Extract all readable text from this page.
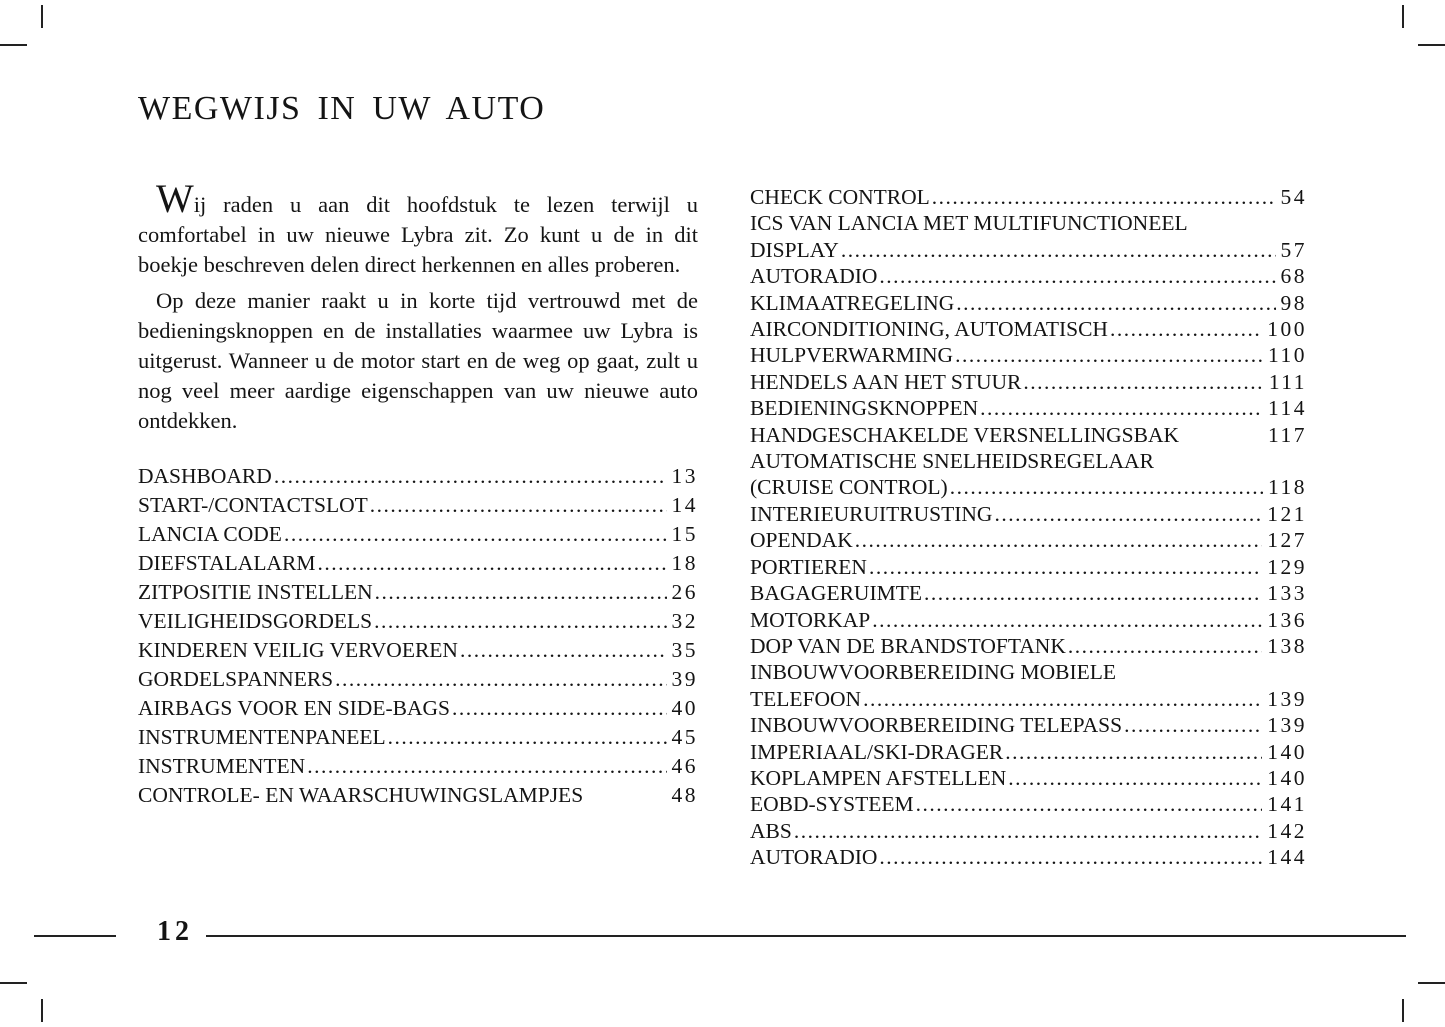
WEGWIJS IN UW AUTO

Wij raden u aan dit hoofdstuk te lezen terwijl u comfortabel in uw nieuwe Lybra zit. Zo kunt u de in dit boekje beschreven delen direct herkennen en alles proberen.

Op deze manier raakt u in korte tijd vertrouwd met de bedieningsknoppen en de installaties waarmee uw Lybra is uitgerust. Wanneer u de motor start en de weg op gaat, zult u nog veel meer aardige eigenschappen van uw nieuwe auto ontdekken.

DASHBOARD .....	13
START-/CONTACTSLOT .....	14
LANCIA CODE .....	15
DIEFSTALALARM .....	18
ZITPOSITIE INSTELLEN .....	26
VEILIGHEIDSGORDELS .....	32
KINDEREN VEILIG VERVOEREN .....	35
GORDELSPANNERS .....	39
AIRBAGS VOOR EN SIDE-BAGS .....	40
INSTRUMENTENPANEEL .....	45
INSTRUMENTEN .....	46
CONTROLE- EN WAARSCHUWINGSLAMPJES	48
CHECK CONTROL .....	54
ICS VAN LANCIA MET MULTIFUNCTIONEEL
DISPLAY .....	57
AUTORADIO .....	68
KLIMAATREGELING .....	98
AIRCONDITIONING, AUTOMATISCH .....	100
HULPVERWARMING .....	110
HENDELS AAN HET STUUR .....	111
BEDIENINGSKNOPPEN .....	114
HANDGESCHAKELDE VERSNELLINGSBAK	117
AUTOMATISCHE SNELHEIDSREGELAAR
(CRUISE CONTROL) .....	118
INTERIEURUITRUSTING .....	121
OPENDAK .....	127
PORTIEREN .....	129
BAGAGERUIMTE .....	133
MOTORKAP .....	136
DOP VAN DE BRANDSTOFTANK .....	138
INBOUWVOORBEREIDING MOBIELE
TELEFOON .....	139
INBOUWVOORBEREIDING TELEPASS .....	139
IMPERIAAL/SKI-DRAGER .....	140
KOPLAMPEN AFSTELLEN .....	140
EOBD-SYSTEEM .....	141
ABS .....	142
AUTORADIO .....	144
12
